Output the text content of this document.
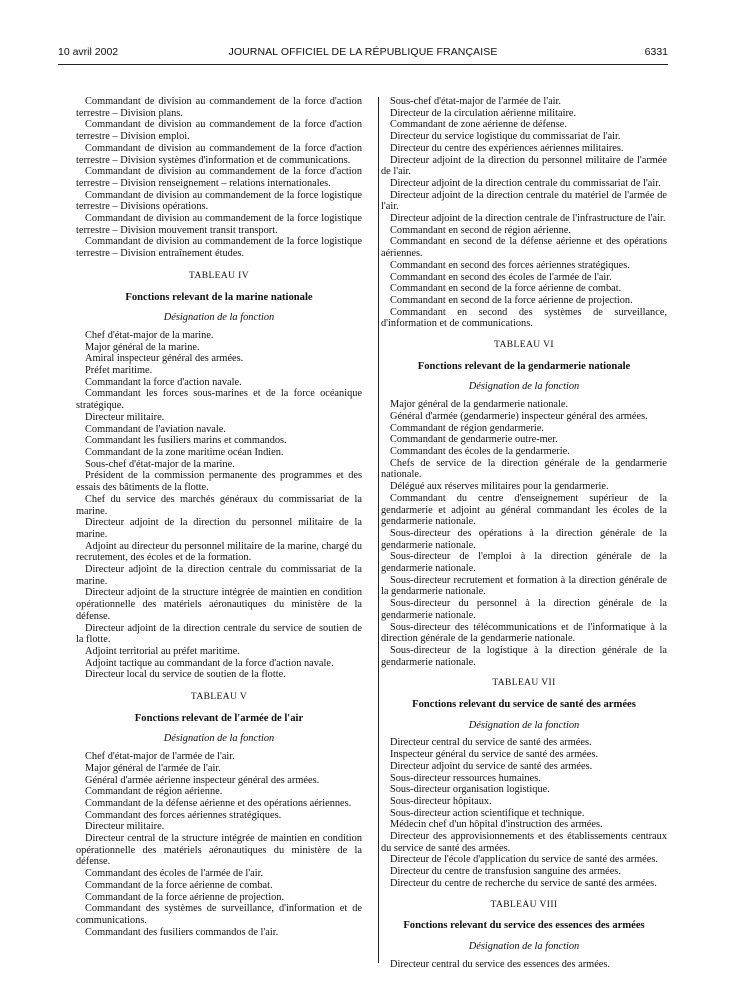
10 avril 2002	JOURNAL OFFICIEL DE LA RÉPUBLIQUE FRANÇAISE	6331
Commandant de division au commandement de la force d'action terrestre – Division plans.
Commandant de division au commandement de la force d'action terrestre – Division emploi.
Commandant de division au commandement de la force d'action terrestre – Division systèmes d'information et de communications.
Commandant de division au commandement de la force d'action terrestre – Division renseignement – relations internationales.
Commandant de division au commandement de la force logistique terrestre – Divisions opérations.
Commandant de division au commandement de la force logistique terrestre – Division mouvement transit transport.
Commandant de division au commandement de la force logistique terrestre – Division entraînement études.
TABLEAU IV
Fonctions relevant de la marine nationale
Désignation de la fonction
Chef d'état-major de la marine.
Major général de la marine.
Amiral inspecteur général des armées.
Préfet maritime.
Commandant la force d'action navale.
Commandant les forces sous-marines et de la force océanique stratégique.
Directeur militaire.
Commandant de l'aviation navale.
Commandant les fusiliers marins et commandos.
Commandant de la zone maritime océan Indien.
Sous-chef d'état-major de la marine.
Président de la commission permanente des programmes et des essais des bâtiments de la flotte.
Chef du service des marchés généraux du commissariat de la marine.
Directeur adjoint de la direction du personnel militaire de la marine.
Adjoint au directeur du personnel militaire de la marine, chargé du recrutement, des écoles et de la formation.
Directeur adjoint de la direction centrale du commissariat de la marine.
Directeur adjoint de la structure intégrée de maintien en condition opérationnelle des matériels aéronautiques du ministère de la défense.
Directeur adjoint de la direction centrale du service de soutien de la flotte.
Adjoint territorial au préfet maritime.
Adjoint tactique au commandant de la force d'action navale.
Directeur local du service de soutien de la flotte.
TABLEAU V
Fonctions relevant de l'armée de l'air
Désignation de la fonction
Chef d'état-major de l'armée de l'air.
Major général de l'armée de l'air.
Général d'armée aérienne inspecteur général des armées.
Commandant de région aérienne.
Commandant de la défense aérienne et des opérations aériennes.
Commandant des forces aériennes stratégiques.
Directeur militaire.
Directeur central de la structure intégrée de maintien en condition opérationnelle des matériels aéronautiques du ministère de la défense.
Commandant des écoles de l'armée de l'air.
Commandant de la force aérienne de combat.
Commandant de la force aérienne de projection.
Commandant des systèmes de surveillance, d'information et de communications.
Commandant des fusiliers commandos de l'air.
Sous-chef d'état-major de l'armée de l'air.
Directeur de la circulation aérienne militaire.
Commandant de zone aérienne de défense.
Directeur du service logistique du commissariat de l'air.
Directeur du centre des expériences aériennes militaires.
Directeur adjoint de la direction du personnel militaire de l'armée de l'air.
Directeur adjoint de la direction centrale du commissariat de l'air.
Directeur adjoint de la direction centrale du matériel de l'armée de l'air.
Directeur adjoint de la direction centrale de l'infrastructure de l'air.
Commandant en second de région aérienne.
Commandant en second de la défense aérienne et des opérations aériennes.
Commandant en second des forces aériennes stratégiques.
Commandant en second des écoles de l'armée de l'air.
Commandant en second de la force aérienne de combat.
Commandant en second de la force aérienne de projection.
Commandant en second des systèmes de surveillance, d'information et de communications.
TABLEAU VI
Fonctions relevant de la gendarmerie nationale
Désignation de la fonction
Major général de la gendarmerie nationale.
Général d'armée (gendarmerie) inspecteur général des armées.
Commandant de région gendarmerie.
Commandant de gendarmerie outre-mer.
Commandant des écoles de la gendarmerie.
Chefs de service de la direction générale de la gendarmerie nationale.
Délégué aux réserves militaires pour la gendarmerie.
Commandant du centre d'enseignement supérieur de la gendarmerie et adjoint au général commandant les écoles de la gendarmerie nationale.
Sous-directeur des opérations à la direction générale de la gendarmerie nationale.
Sous-directeur de l'emploi à la direction générale de la gendarmerie nationale.
Sous-directeur recrutement et formation à la direction générale de la gendarmerie nationale.
Sous-directeur du personnel à la direction générale de la gendarmerie nationale.
Sous-directeur des télécommunications et de l'informatique à la direction générale de la gendarmerie nationale.
Sous-directeur de la logistique à la direction générale de la gendarmerie nationale.
TABLEAU VII
Fonctions relevant du service de santé des armées
Désignation de la fonction
Directeur central du service de santé des armées.
Inspecteur général du service de santé des armées.
Directeur adjoint du service de santé des armées.
Sous-directeur ressources humaines.
Sous-directeur organisation logistique.
Sous-directeur hôpitaux.
Sous-directeur action scientifique et technique.
Médecin chef d'un hôpital d'instruction des armées.
Directeur des approvisionnements et des établissements centraux du service de santé des armées.
Directeur de l'école d'application du service de santé des armées.
Directeur du centre de transfusion sanguine des armées.
Directeur du centre de recherche du service de santé des armées.
TABLEAU VIII
Fonctions relevant du service des essences des armées
Désignation de la fonction
Directeur central du service des essences des armées.
